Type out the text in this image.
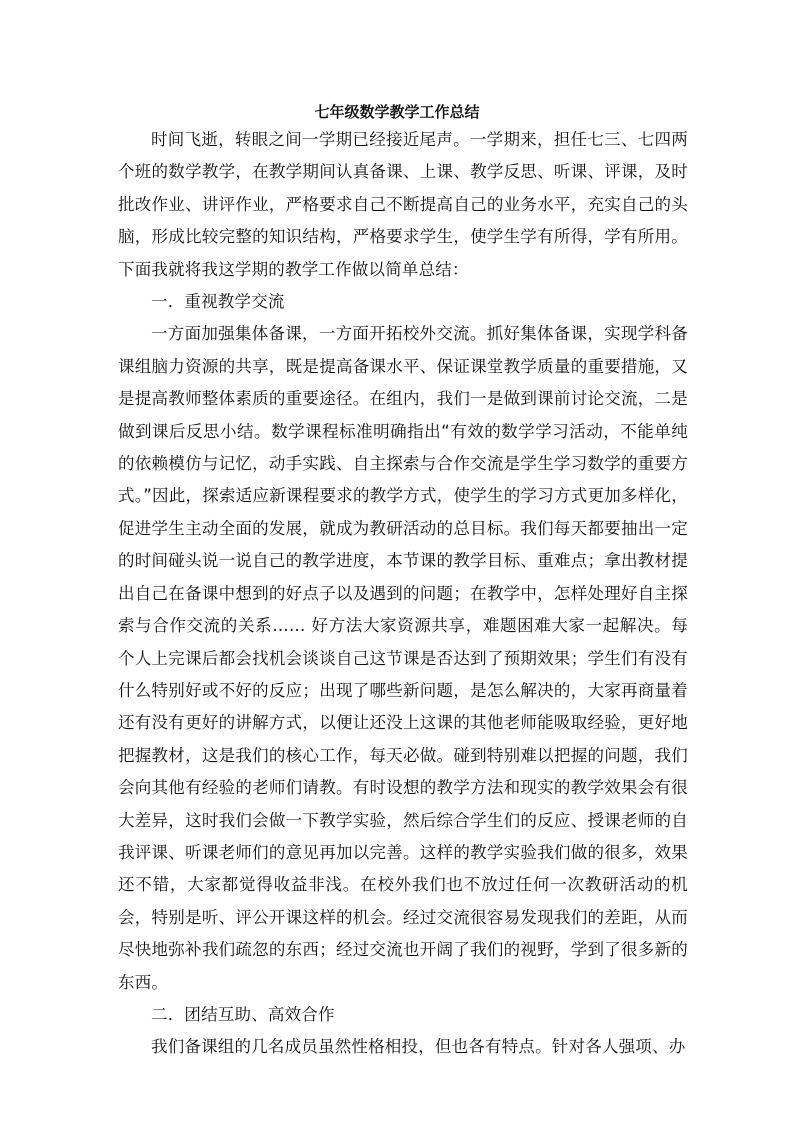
七年级数学教学工作总结

时间飞逝，转眼之间一学期已经接近尾声。一学期来，担任七三、七四两个班的数学教学，在教学期间认真备课、上课、教学反思、听课、评课，及时批改作业、讲评作业，严格要求自己不断提高自己的业务水平，充实自己的头脑，形成比较完整的知识结构，严格要求学生，使学生学有所得，学有所用。下面我就将我这学期的教学工作做以简单总结：

一．重视教学交流

一方面加强集体备课，一方面开拓校外交流。抓好集体备课，实现学科备课组脑力资源的共享，既是提高备课水平、保证课堂教学质量的重要措施，又是提高教师整体素质的重要途径。在组内，我们一是做到课前讨论交流，二是做到课后反思小结。数学课程标准明确指出“有效的数学学习活动，不能单纯的依赖模仿与记忆，动手实践、自主探索与合作交流是学生学习数学的重要方式。”因此，探索适应新课程要求的教学方式，使学生的学习方式更加多样化，促进学生主动全面的发展，就成为教研活动的总目标。我们每天都要抽出一定的时间碰头说一说自己的教学进度，本节课的教学目标、重难点；拿出教材提出自己在备课中想到的好点子以及遇到的问题；在教学中，怎样处理好自主探索与合作交流的关系…… 好方法大家资源共享，难题困难大家一起解决。每个人上完课后都会找机会谈谈自己这节课是否达到了预期效果；学生们有没有什么特别好或不好的反应；出现了哪些新问题，是怎么解决的，大家再商量着还有没有更好的讲解方式，以便让还没上这课的其他老师能吸取经验，更好地把握教材，这是我们的核心工作，每天必做。碰到特别难以把握的问题，我们会向其他有经验的老师们请教。有时设想的教学方法和现实的教学效果会有很大差异，这时我们会做一下教学实验，然后综合学生们的反应、授课老师的自我评课、听课老师们的意见再加以完善。这样的教学实验我们做的很多，效果还不错，大家都觉得收益非浅。在校外我们也不放过任何一次教研活动的机会，特别是听、评公开课这样的机会。经过交流很容易发现我们的差距，从而尽快地弥补我们疏忽的东西；经过交流也开阔了我们的视野，学到了很多新的东西。

二．团结互助、高效合作

我们备课组的几名成员虽然性格相投，但也各有特点。针对各人强项、办
